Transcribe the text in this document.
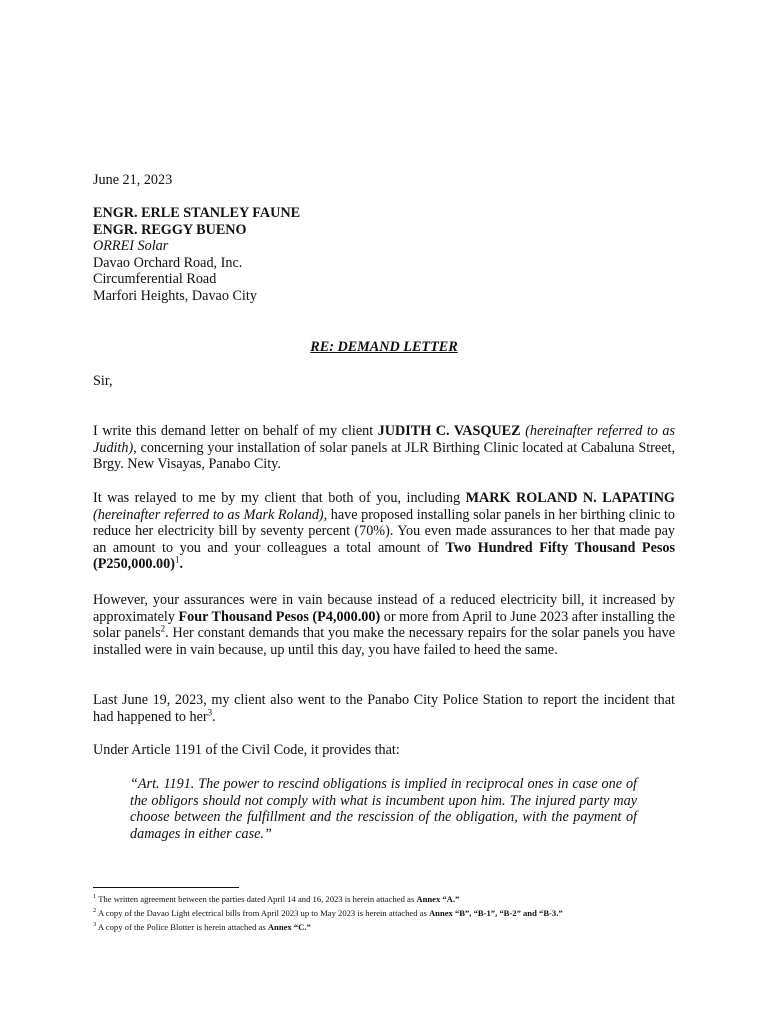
June 21, 2023
ENGR. ERLE STANLEY FAUNE
ENGR. REGGY BUENO
ORREI Solar
Davao Orchard Road, Inc.
Circumferential Road
Marfori Heights, Davao City
RE: DEMAND LETTER
Sir,
I write this demand letter on behalf of my client JUDITH C. VASQUEZ (hereinafter referred to as Judith), concerning your installation of solar panels at JLR Birthing Clinic located at Cabaluna Street, Brgy. New Visayas, Panabo City.
It was relayed to me by my client that both of you, including MARK ROLAND N. LAPATING (hereinafter referred to as Mark Roland), have proposed installing solar panels in her birthing clinic to reduce her electricity bill by seventy percent (70%). You even made assurances to her that made pay an amount to you and your colleagues a total amount of Two Hundred Fifty Thousand Pesos $(P250,000.00)^1$.
However, your assurances were in vain because instead of a reduced electricity bill, it increased by approximately Four Thousand Pesos (P4,000.00) or more from April to June 2023 after installing the solar panels$^2$. Her constant demands that you make the necessary repairs for the solar panels you have installed were in vain because, up until this day, you have failed to heed the same.
Last June 19, 2023, my client also went to the Panabo City Police Station to report the incident that had happened to her$^3$.
Under Article 1191 of the Civil Code, it provides that:
“Art. 1191. The power to rescind obligations is implied in reciprocal ones in case one of the obligors should not comply with what is incumbent upon him. The injured party may choose between the fulfillment and the rescission of the obligation, with the payment of damages in either case.”
$^1$ The written agreement between the parties dated April 14 and 16, 2023 is herein attached as Annex “A.”
$^2$ A copy of the Davao Light electrical bills from April 2023 up to May 2023 is herein attached as Annex “B”, “B-1”, “B-2” and “B-3.”
$^3$ A copy of the Police Blotter is herein attached as Annex “C.”
